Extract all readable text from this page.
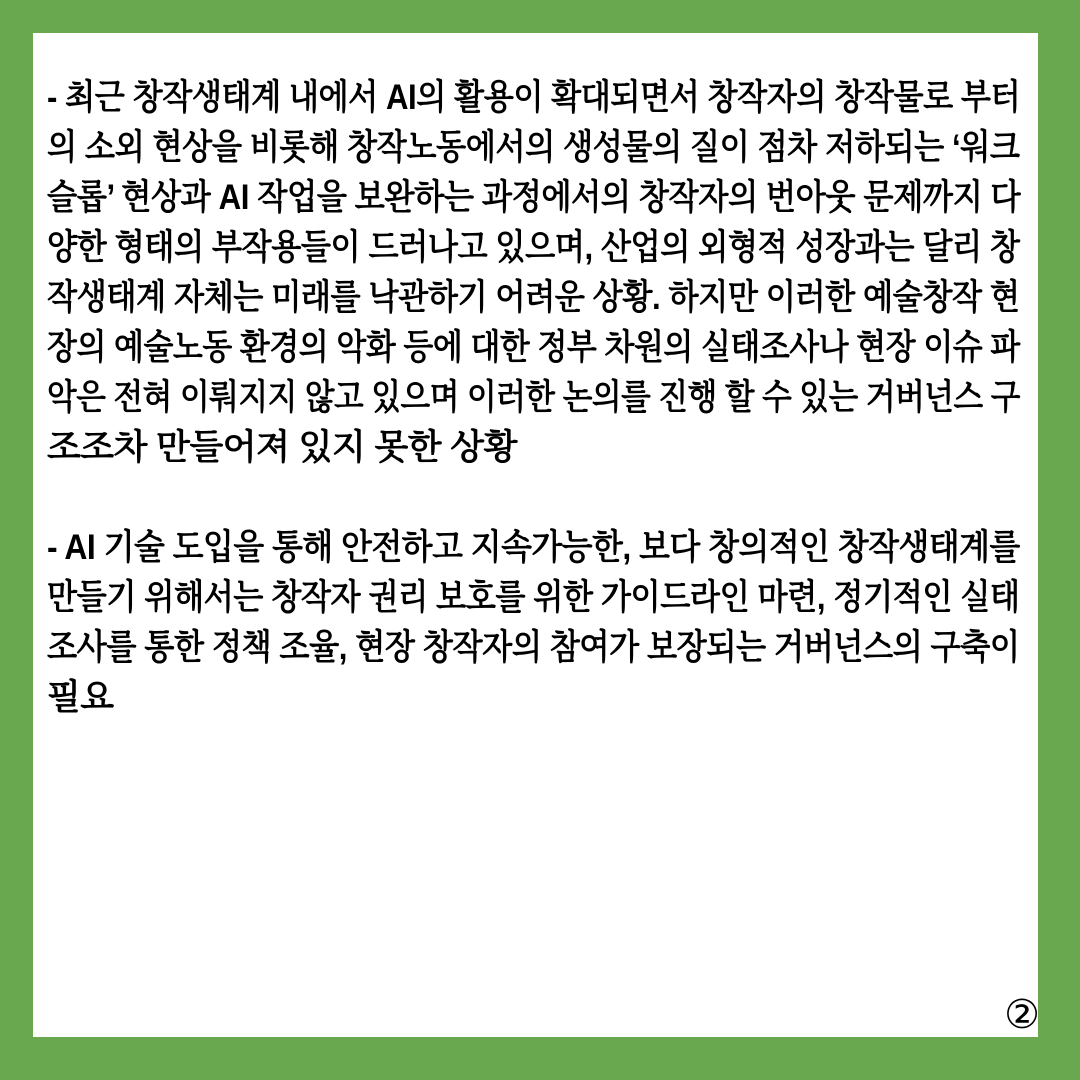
- 최근 창작생태계 내에서 AI의 활용이 확대되면서 창작자의 창작물로 부터
의 소외 현상을 비롯해 창작노동에서의 생성물의 질이 점차 저하되는 ‘워크
슬롭’ 현상과 AI 작업을 보완하는 과정에서의 창작자의 번아웃 문제까지 다
양한 형태의 부작용들이 드러나고 있으며, 산업의 외형적 성장과는 달리 창
작생태계 자체는 미래를 낙관하기 어려운 상황. 하지만 이러한 예술창작 현
장의 예술노동 환경의 악화 등에 대한 정부 차원의 실태조사나 현장 이슈 파
악은 전혀 이뤄지지 않고 있으며 이러한 논의를 진행 할 수 있는 거버넌스 구
조조차 만들어져 있지 못한 상황
- AI 기술 도입을 통해 안전하고 지속가능한, 보다 창의적인 창작생태계를
만들기 위해서는 창작자 권리 보호를 위한 가이드라인 마련, 정기적인 실태
조사를 통한 정책 조율, 현장 창작자의 참여가 보장되는 거버넌스의 구축이
필요
②
